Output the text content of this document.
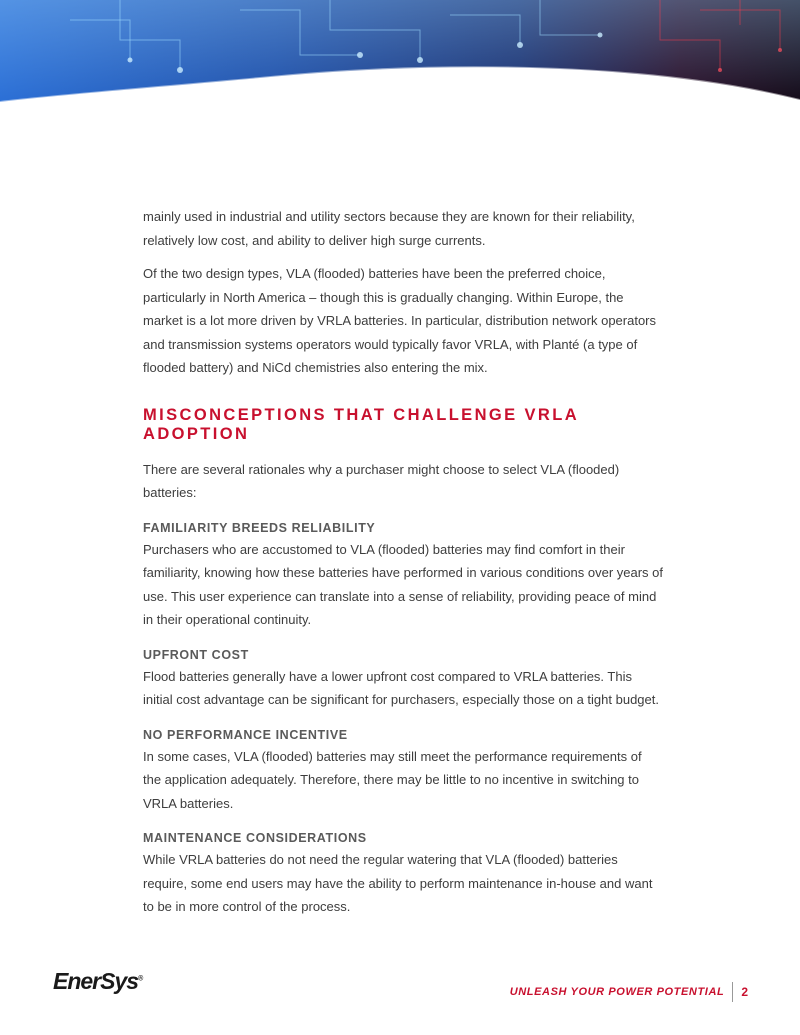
mainly used in industrial and utility sectors because they are known for their reliability, relatively low cost, and ability to deliver high surge currents.

Of the two design types, VLA (flooded) batteries have been the preferred choice, particularly in North America – though this is gradually changing. Within Europe, the market is a lot more driven by VRLA batteries. In particular, distribution network operators and transmission systems operators would typically favor VRLA, with Planté (a type of flooded battery) and NiCd chemistries also entering the mix.

MISCONCEPTIONS THAT CHALLENGE VRLA ADOPTION

There are several rationales why a purchaser might choose to select VLA (flooded) batteries:

FAMILIARITY BREEDS RELIABILITY

Purchasers who are accustomed to VLA (flooded) batteries may find comfort in their familiarity, knowing how these batteries have performed in various conditions over years of use. This user experience can translate into a sense of reliability, providing peace of mind in their operational continuity.

UPFRONT COST

Flood batteries generally have a lower upfront cost compared to VRLA batteries. This initial cost advantage can be significant for purchasers, especially those on a tight budget.

NO PERFORMANCE INCENTIVE

In some cases, VLA (flooded) batteries may still meet the performance requirements of the application adequately. Therefore, there may be little to no incentive in switching to VRLA batteries.

MAINTENANCE CONSIDERATIONS

While VRLA batteries do not need the regular watering that VLA (flooded) batteries require, some end users may have the ability to perform maintenance in-house and want to be in more control of the process.

EnerSys®
UNLEASH YOUR POWER POTENTIAL 2
